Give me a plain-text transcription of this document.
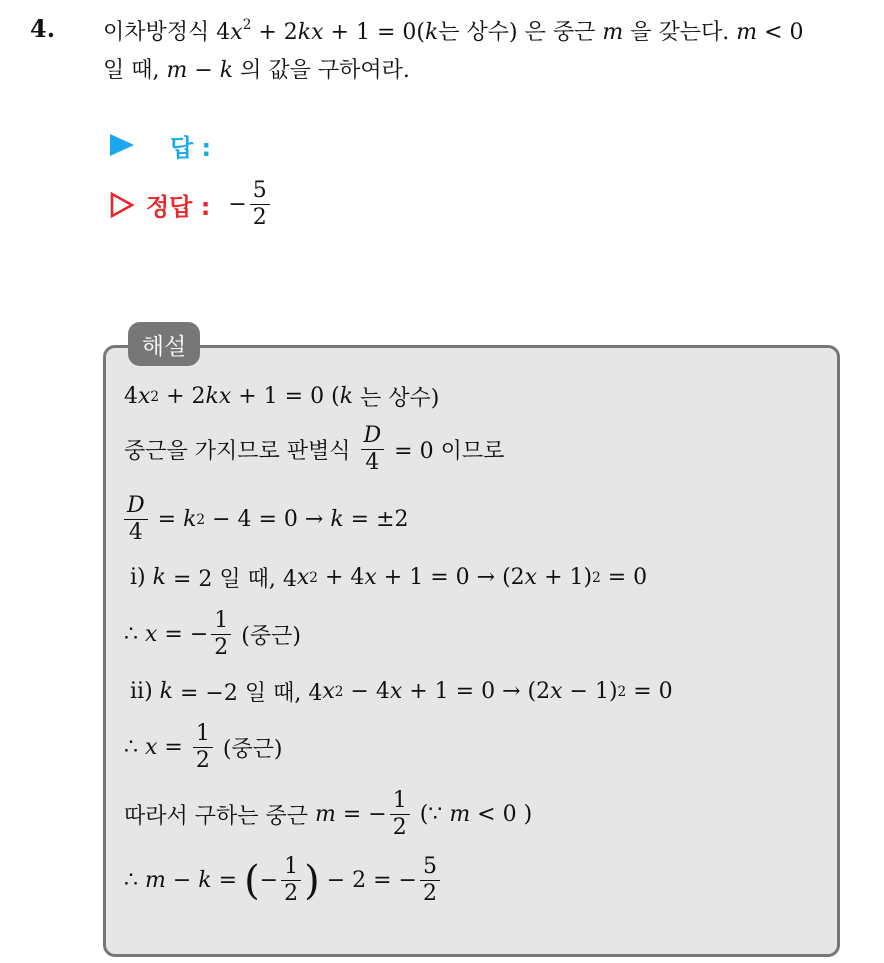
4. 이차방정식 $4x^2 + 2kx + 1 = 0(k$는 상수) 은 중근 m 을 갖는다. m < 0
일 때, m − k 의 값을 구하여라.
답 :
정답 : − $\frac{5}{2}$
해설
4 x 2 + 2 kx + 1 = 0 ( k 는 상수)
중근을 가지므로 판별식 $\frac{D}{4} = 0$ 이므로
$\frac{D}{4} = k$ 2 − 4 = 0 → k = ±2
ⅰ) k = 2 일 때, 4 x 2 + 4 x + 1 = 0 → (2 x + 1) 2 = 0
∴ x = − $\frac{1}{2}$ (중근)
ⅱ) k = −2 일 때, 4 x 2 − 4 x + 1 = 0 → (2 x − 1) 2 = 0
∴ $x = \frac{1}{2}$ (중근)
따라서 구하는 중근 m = − $\frac{1}{2}$ (∵ m < 0 )
∴ m − k = ( − $\frac{1}{2}$ ) − 2 = − $\frac{5}{2}$
